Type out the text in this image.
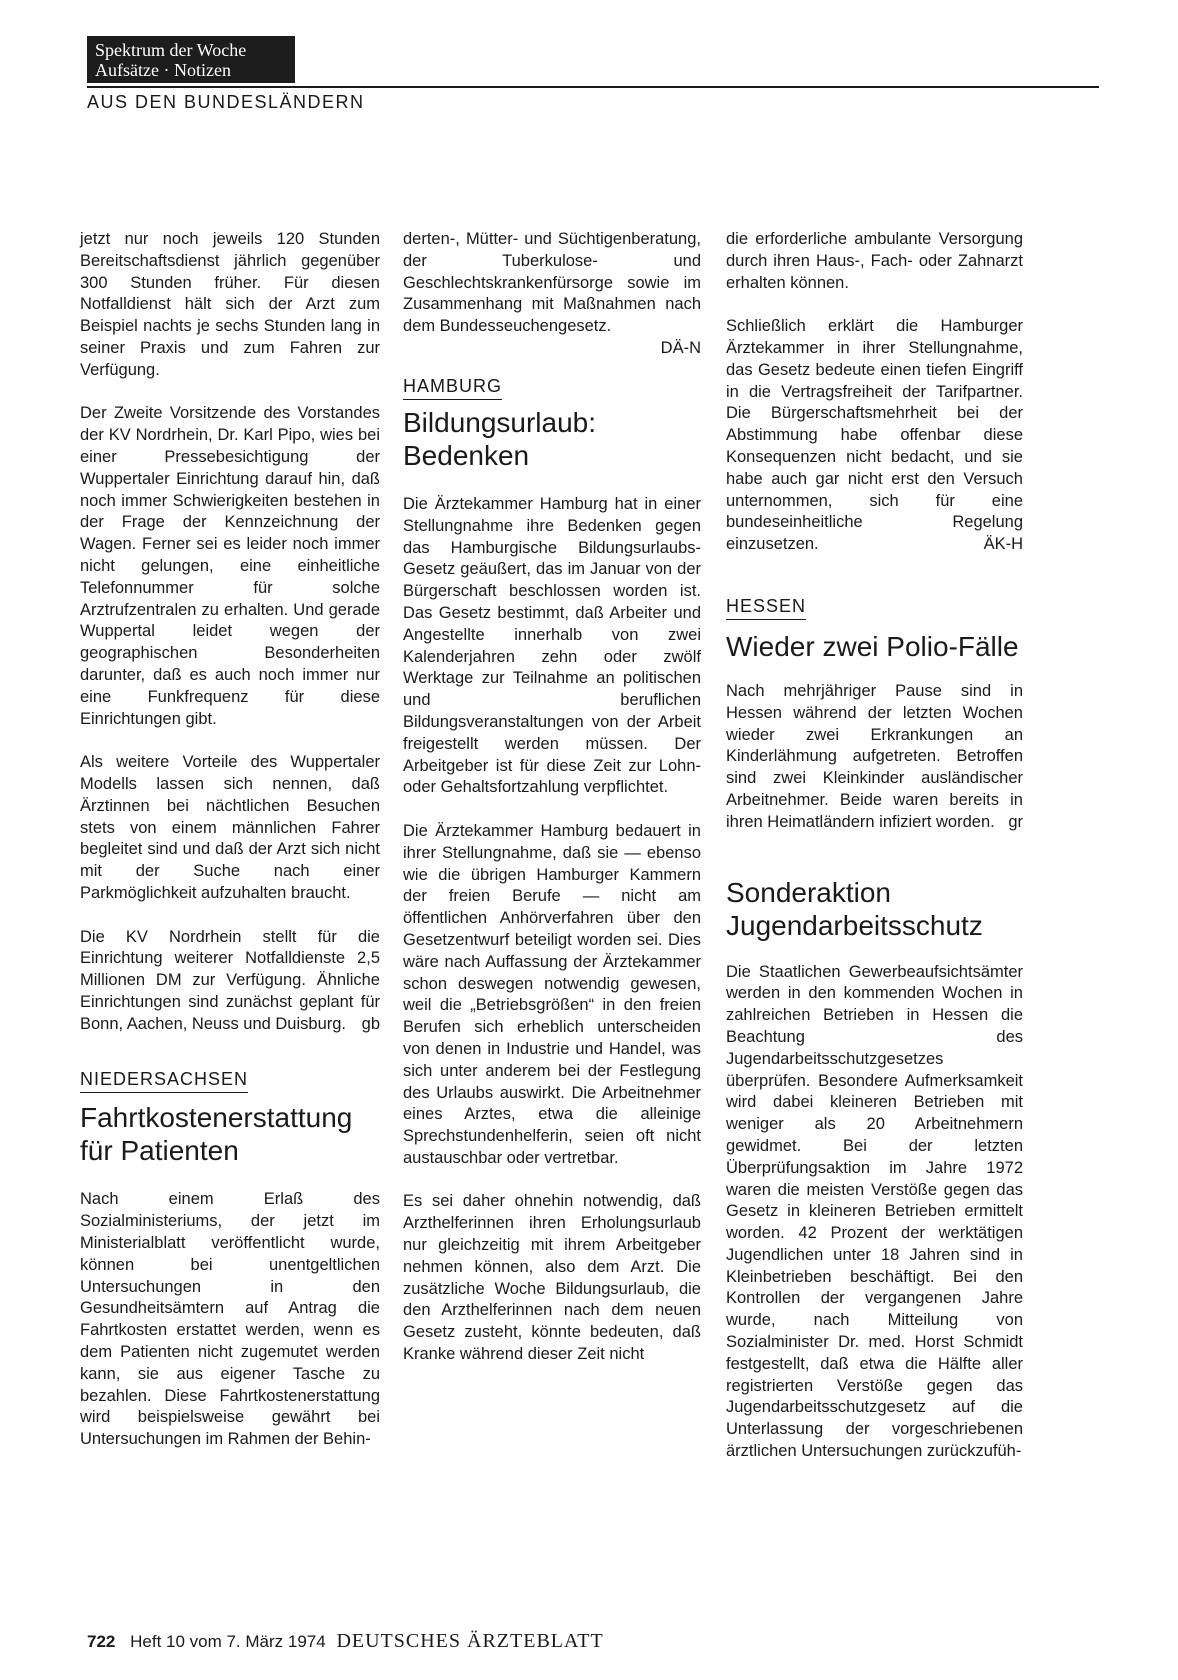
Spektrum der Woche
Aufsätze · Notizen
AUS DEN BUNDESLÄNDERN

jetzt nur noch jeweils 120 Stunden Bereitschaftsdienst jährlich gegenüber 300 Stunden früher. Für diesen Notfalldienst hält sich der Arzt zum Beispiel nachts je sechs Stunden lang in seiner Praxis und zum Fahren zur Verfügung.

Der Zweite Vorsitzende des Vorstandes der KV Nordrhein, Dr. Karl Pipo, wies bei einer Pressebesichtigung der Wuppertaler Einrichtung darauf hin, daß noch immer Schwierigkeiten bestehen in der Frage der Kennzeichnung der Wagen. Ferner sei es leider noch immer nicht gelungen, eine einheitliche Telefonnummer für solche Arztrufzentralen zu erhalten. Und gerade Wuppertal leidet wegen der geographischen Besonderheiten darunter, daß es auch noch immer nur eine Funkfrequenz für diese Einrichtungen gibt.

Als weitere Vorteile des Wuppertaler Modells lassen sich nennen, daß Ärztinnen bei nächtlichen Besuchen stets von einem männlichen Fahrer begleitet sind und daß der Arzt sich nicht mit der Suche nach einer Parkmöglichkeit aufzuhalten braucht.

Die KV Nordrhein stellt für die Einrichtung weiterer Notfalldienste 2,5 Millionen DM zur Verfügung. Ähnliche Einrichtungen sind zunächst geplant für Bonn, Aachen, Neuss und Duisburg. gb

NIEDERSACHSEN
Fahrtkostenerstattung
für Patienten

Nach einem Erlaß des Sozialministeriums, der jetzt im Ministerialblatt veröffentlicht wurde, können bei unentgeltlichen Untersuchungen in den Gesundheitsämtern auf Antrag die Fahrtkosten erstattet werden, wenn es dem Patienten nicht zugemutet werden kann, sie aus eigener Tasche zu bezahlen. Diese Fahrtkostenerstattung wird beispielsweise gewährt bei Untersuchungen im Rahmen der Behin-

derten-, Mütter- und Süchtigenberatung, der Tuberkulose- und Geschlechtskrankenfürsorge sowie im Zusammenhang mit Maßnahmen nach dem Bundesseuchengesetz.

DÄ-N

HAMBURG
Bildungsurlaub:
Bedenken

Die Ärztekammer Hamburg hat in einer Stellungnahme ihre Bedenken gegen das Hamburgische Bildungsurlaubs-Gesetz geäußert, das im Januar von der Bürgerschaft beschlossen worden ist. Das Gesetz bestimmt, daß Arbeiter und Angestellte innerhalb von zwei Kalenderjahren zehn oder zwölf Werktage zur Teilnahme an politischen und beruflichen Bildungsveranstaltungen von der Arbeit freigestellt werden müssen. Der Arbeitgeber ist für diese Zeit zur Lohn- oder Gehaltsfortzahlung verpflichtet.

Die Ärztekammer Hamburg bedauert in ihrer Stellungnahme, daß sie — ebenso wie die übrigen Hamburger Kammern der freien Berufe — nicht am öffentlichen Anhörverfahren über den Gesetzentwurf beteiligt worden sei. Dies wäre nach Auffassung der Ärztekammer schon deswegen notwendig gewesen, weil die „Betriebsgrößen“ in den freien Berufen sich erheblich unterscheiden von denen in Industrie und Handel, was sich unter anderem bei der Festlegung des Urlaubs auswirkt. Die Arbeitnehmer eines Arztes, etwa die alleinige Sprechstundenhelferin, seien oft nicht austauschbar oder vertretbar.

Es sei daher ohnehin notwendig, daß Arzthelferinnen ihren Erholungsurlaub nur gleichzeitig mit ihrem Arbeitgeber nehmen können, also dem Arzt. Die zusätzliche Woche Bildungsurlaub, die den Arzthelferinnen nach dem neuen Gesetz zusteht, könnte bedeuten, daß Kranke während dieser Zeit nicht

die erforderliche ambulante Versorgung durch ihren Haus-, Fach- oder Zahnarzt erhalten können.

Schließlich erklärt die Hamburger Ärztekammer in ihrer Stellungnahme, das Gesetz bedeute einen tiefen Eingriff in die Vertragsfreiheit der Tarifpartner. Die Bürgerschaftsmehrheit bei der Abstimmung habe offenbar diese Konsequenzen nicht bedacht, und sie habe auch gar nicht erst den Versuch unternommen, sich für eine bundeseinheitliche Regelung einzusetzen.	ÄK-H

HESSEN
Wieder zwei Polio-Fälle

Nach mehrjähriger Pause sind in Hessen während der letzten Wochen wieder zwei Erkrankungen an Kinderlähmung aufgetreten. Betroffen sind zwei Kleinkinder ausländischer Arbeitnehmer. Beide waren bereits in ihren Heimatländern infiziert worden. gr

Sonderaktion
Jugendarbeitsschutz

Die Staatlichen Gewerbeaufsichtsämter werden in den kommenden Wochen in zahlreichen Betrieben in Hessen die Beachtung des Jugendarbeitsschutzgesetzes überprüfen. Besondere Aufmerksamkeit wird dabei kleineren Betrieben mit weniger als 20 Arbeitnehmern gewidmet. Bei der letzten Überprüfungsaktion im Jahre 1972 waren die meisten Verstöße gegen das Gesetz in kleineren Betrieben ermittelt worden. 42 Prozent der werktätigen Jugendlichen unter 18 Jahren sind in Kleinbetrieben beschäftigt. Bei den Kontrollen der vergangenen Jahre wurde, nach Mitteilung von Sozialminister Dr. med. Horst Schmidt festgestellt, daß etwa die Hälfte aller registrierten Verstöße gegen das Jugendarbeitsschutzgesetz auf die Unterlassung der vorgeschriebenen ärztlichen Untersuchungen zurückzufüh-

722 Heft 10 vom 7. März 1974 DEUTSCHES ÄRZTEBLATT
